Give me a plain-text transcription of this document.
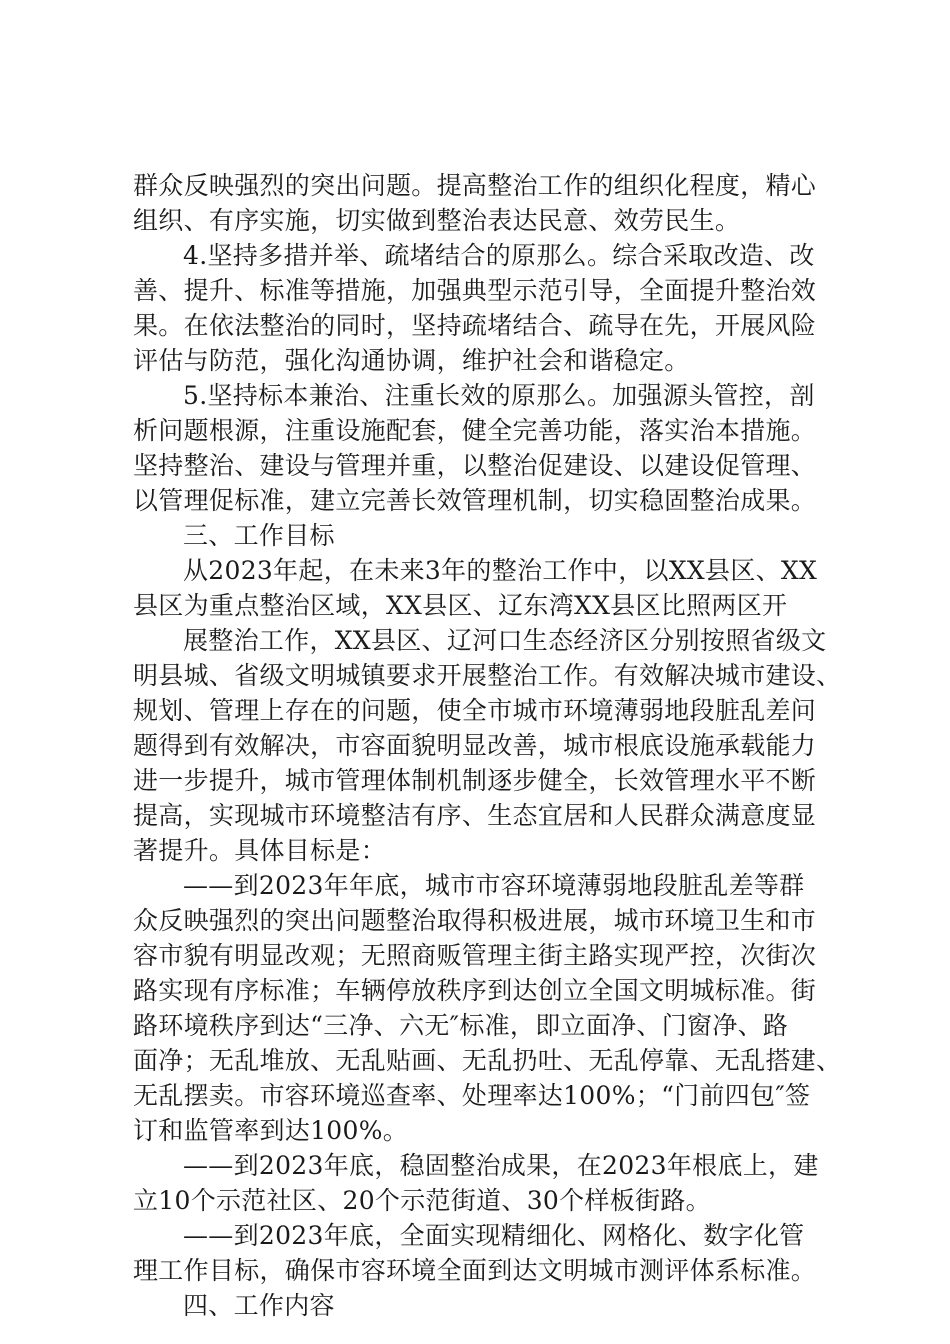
群众反映强烈的突出问题。提高整治工作的组织化程度，精心
组织、有序实施，切实做到整治表达民意、效劳民生。
4.坚持多措并举、疏堵结合的原那么。综合采取改造、改
善、提升、标准等措施，加强典型示范引导，全面提升整治效
果。在依法整治的同时，坚持疏堵结合、疏导在先，开展风险
评估与防范，强化沟通协调，维护社会和谐稳定。
5.坚持标本兼治、注重长效的原那么。加强源头管控，剖
析问题根源，注重设施配套，健全完善功能，落实治本措施。
坚持整治、建设与管理并重，以整治促建设、以建设促管理、
以管理促标准，建立完善长效管理机制，切实稳固整治成果。
三、工作目标
从2023年起，在未来3年的整治工作中，以XX县区、XX
县区为重点整治区域，XX县区、辽东湾XX县区比照两区开
展整治工作，XX县区、辽河口生态经济区分别按照省级文
明县城、省级文明城镇要求开展整治工作。有效解决城市建设、
规划、管理上存在的问题，使全市城市环境薄弱地段脏乱差问
题得到有效解决，市容面貌明显改善，城市根底设施承载能力
进一步提升，城市管理体制机制逐步健全，长效管理水平不断
提高，实现城市环境整洁有序、生态宜居和人民群众满意度显
著提升。具体目标是：
——到2023年年底，城市市容环境薄弱地段脏乱差等群
众反映强烈的突出问题整治取得积极进展，城市环境卫生和市
容市貌有明显改观；无照商贩管理主街主路实现严控，次街次
路实现有序标准；车辆停放秩序到达创立全国文明城标准。街
路环境秩序到达“三净、六无″标准，即立面净、门窗净、路
面净；无乱堆放、无乱贴画、无乱扔吐、无乱停靠、无乱搭建、
无乱摆卖。市容环境巡查率、处理率达100%；“门前四包″签
订和监管率到达100%。
——到2023年底，稳固整治成果，在2023年根底上，建
立10个示范社区、20个示范街道、30个样板街路。
——到2023年底，全面实现精细化、网格化、数字化管
理工作目标，确保市容环境全面到达文明城市测评体系标准。
四、工作内容
